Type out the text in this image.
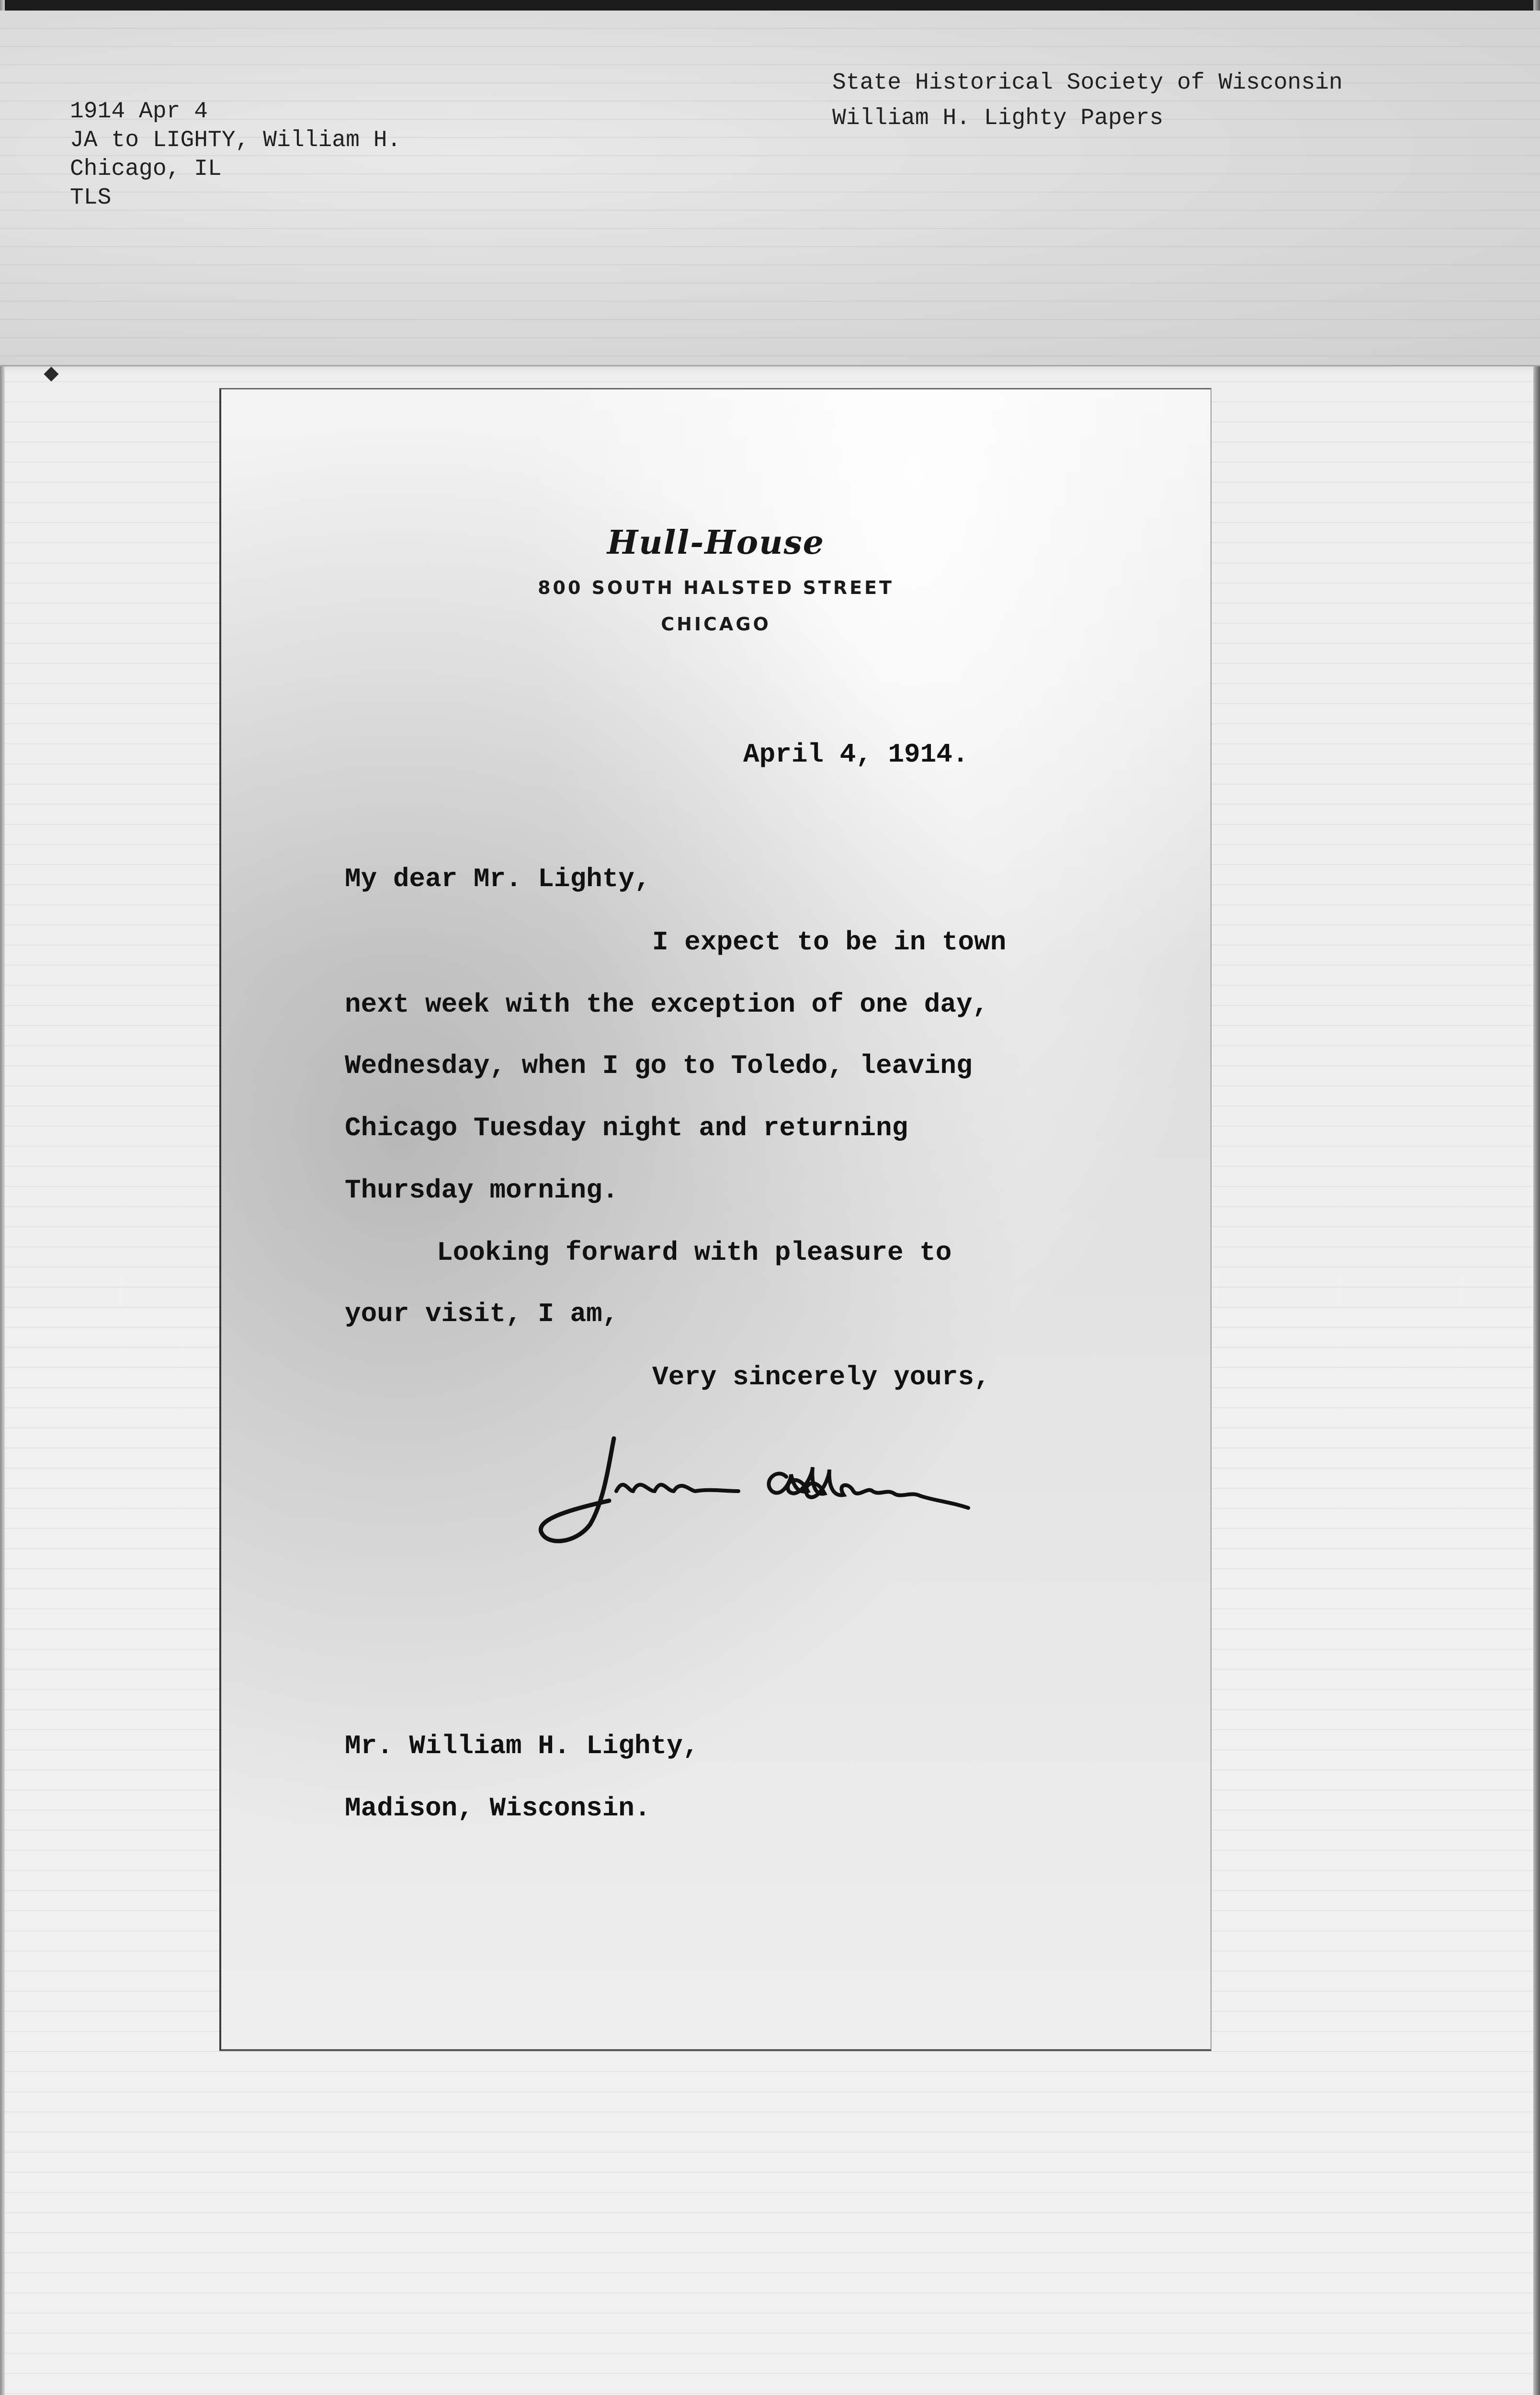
1914 Apr 4
JA to LIGHTY, William H.
Chicago, IL
TLS
State Historical Society of Wisconsin
William H. Lighty Papers
Hull-House
800 SOUTH HALSTED STREET
CHICAGO
April 4, 1914.
My dear Mr. Lighty,
I expect to be in town
next week with the exception of one day,
Wednesday, when I go to Toledo, leaving
Chicago Tuesday night and returning
Thursday morning.
Looking forward with pleasure to
your visit, I am,
Very sincerely yours,
Mr. William H. Lighty,
Madison, Wisconsin.
